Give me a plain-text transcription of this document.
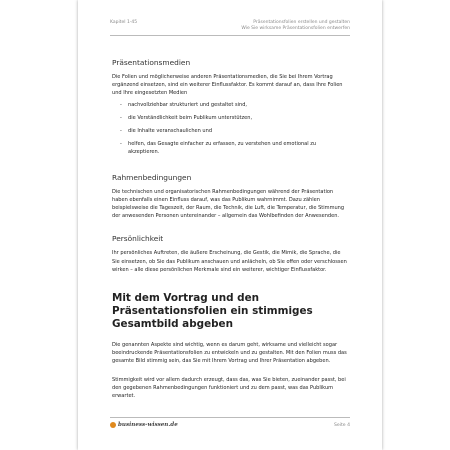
Kapitel 1-45	Präsentationsfolien erstellen und gestalten
Wie Sie wirksame Präsentationsfolien entwerfen
Präsentationsmedien

Die Folien und möglicherweise anderen Präsentationsmedien, die Sie bei Ihrem Vortrag ergänzend einsetzen, sind ein weiterer Einflussfaktor. Es kommt darauf an, dass Ihre Folien und Ihre eingesetzten Medien

- nachvollziehbar strukturiert und gestaltet sind,
- die Verständlichkeit beim Publikum unterstützen,
- die Inhalte veranschaulichen und
- helfen, das Gesagte einfacher zu erfassen, zu verstehen und emotional zu akzeptieren.
Rahmenbedingungen

Die technischen und organisatorischen Rahmenbedingungen während der Präsentation haben ebenfalls einen Einfluss darauf, was das Publikum wahrnimmt. Dazu zählen beispielsweise die Tageszeit, der Raum, die Technik, die Luft, die Temperatur, die Stimmung der anwesenden Personen untereinander – allgemein das Wohlbefinden der Anwesenden.

Persönlichkeit

Ihr persönliches Auftreten, die äußere Erscheinung, die Gestik, die Mimik, die Sprache, die Sie einsetzen, ob Sie das Publikum anschauen und anlächeln, ob Sie offen oder verschlossen wirken – alle diese persönlichen Merkmale sind ein weiterer, wichtiger Einflussfaktor.

Mit dem Vortrag und den Präsentationsfolien ein stimmiges Gesamtbild abgeben

Die genannten Aspekte sind wichtig, wenn es darum geht, wirksame und vielleicht sogar beeindruckende Präsentationsfolien zu entwickeln und zu gestalten. Mit den Folien muss das gesamte Bild stimmig sein, das Sie mit Ihrem Vortrag und Ihrer Präsentation abgeben.

Stimmigkeit wird vor allem dadurch erzeugt, dass das, was Sie bieten, zueinander passt, bei den gegebenen Rahmenbedingungen funktioniert und zu dem passt, was das Publikum erwartet.

business-wissen.de	Seite 4
